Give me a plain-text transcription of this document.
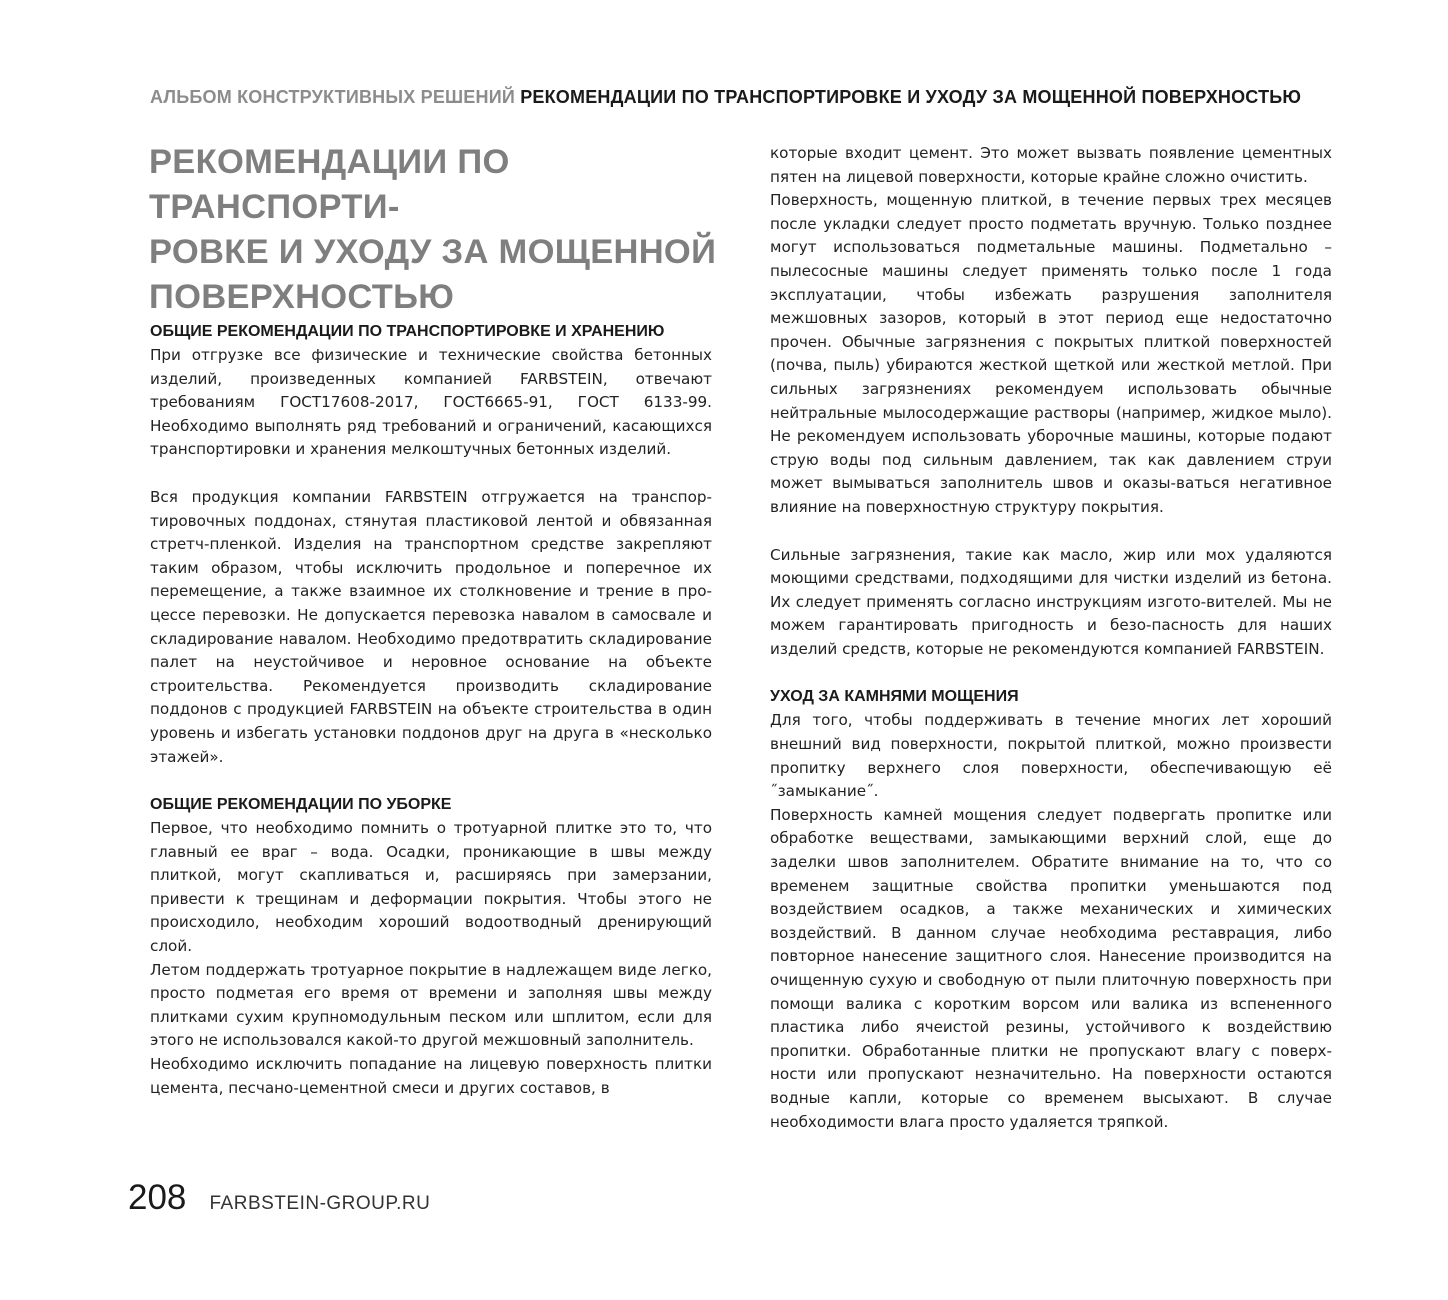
АЛЬБОМ КОНСТРУКТИВНЫХ РЕШЕНИЙ РЕКОМЕНДАЦИИ ПО ТРАНСПОРТИРОВКЕ И УХОДУ ЗА МОЩЕННОЙ ПОВЕРХНОСТЬЮ
РЕКОМЕНДАЦИИ ПО ТРАНСПОРТИ-
РОВКЕ И УХОДУ ЗА МОЩЕННОЙ
ПОВЕРХНОСТЬЮ

ОБЩИЕ РЕКОМЕНДАЦИИ ПО ТРАНСПОРТИРОВКЕ И ХРАНЕНИЮ

При отгрузке все физические и технические свойства бетонных изделий, произведенных компанией FARBSTEIN, отвечают требованиям ГОСТ17608-2017, ГОСТ6665-91, ГОСТ 6133-99. Необходимо выполнять ряд требований и ограничений, касающихся транспортировки и хранения мелкоштучных бетонных изделий.

Вся продукция компании FARBSTEIN отгружается на транспор-тировочных поддонах, стянутая пластиковой лентой и обвязанная стретч-пленкой. Изделия на транспортном средстве закрепляют таким образом, чтобы исключить продольное и поперечное их перемещение, а также взаимное их столкновение и трение в про-цессе перевозки. Не допускается перевозка навалом в самосвале и складирование навалом. Необходимо предотвратить складирование палет на неустойчивое и неровное основание на объекте строительства. Рекомендуется производить складирование поддонов с продукцией FARBSTEIN на объекте строительства в один уровень и избегать установки поддонов друг на друга в «несколько этажей».

ОБЩИЕ РЕКОМЕНДАЦИИ ПО УБОРКЕ

Первое, что необходимо помнить о тротуарной плитке это то, что главный ее враг – вода. Осадки, проникающие в швы между плиткой, могут скапливаться и, расширяясь при замерзании, привести к трещинам и деформации покрытия. Чтобы этого не происходило, необходим хороший водоотводный дренирующий слой.

Летом поддержать тротуарное покрытие в надлежащем виде легко, просто подметая его время от времени и заполняя швы между плитками сухим крупномодульным песком или шплитом, если для этого не использовался какой-то другой межшовный заполнитель.

Необходимо исключить попадание на лицевую поверхность плитки цемента, песчано-цементной смеси и других составов, в

которые входит цемент. Это может вызвать появление цементных пятен на лицевой поверхности, которые крайне сложно очистить.

Поверхность, мощенную плиткой, в течение первых трех месяцев после укладки следует просто подметать вручную. Только позднее могут использоваться подметальные машины. Подметально – пылесосные машины следует применять только после 1 года эксплуатации, чтобы избежать разрушения заполнителя межшовных зазоров, который в этот период еще недостаточно прочен. Обычные загрязнения с покрытых плиткой поверхностей (почва, пыль) убираются жесткой щеткой или жесткой метлой. При сильных загрязнениях рекомендуем использовать обычные нейтральные мылосодержащие растворы (например, жидкое мыло). Не рекомендуем использовать уборочные машины, которые подают струю воды под сильным давлением, так как давлением струи может вымываться заполнитель швов и оказы-ваться негативное влияние на поверхностную структуру покрытия.

Сильные загрязнения, такие как масло, жир или мох удаляются моющими средствами, подходящими для чистки изделий из бетона. Их следует применять согласно инструкциям изгото-вителей. Мы не можем гарантировать пригодность и безо-пасность для наших изделий средств, которые не рекомендуются компанией FARBSTEIN.

УХОД ЗА КАМНЯМИ МОЩЕНИЯ

Для того, чтобы поддерживать в течение многих лет хороший внешний вид поверхности, покрытой плиткой, можно произвести пропитку верхнего слоя поверхности, обеспечивающую её ˝замыкание˝.

Поверхность камней мощения следует подвергать пропитке или обработке веществами, замыкающими верхний слой, еще до заделки швов заполнителем. Обратите внимание на то, что со временем защитные свойства пропитки уменьшаются под воздействием осадков, а также механических и химических воздействий. В данном случае необходима реставрация, либо повторное нанесение защитного слоя. Нанесение производится на очищенную сухую и свободную от пыли плиточную поверхность при помощи валика с коротким ворсом или валика из вспененного пластика либо ячеистой резины, устойчивого к воздействию пропитки. Обработанные плитки не пропускают влагу с поверх-ности или пропускают незначительно. На поверхности остаются водные капли, которые со временем высыхают. В случае необходимости влага просто удаляется тряпкой.

208 FARBSTEIN-GROUP.RU
